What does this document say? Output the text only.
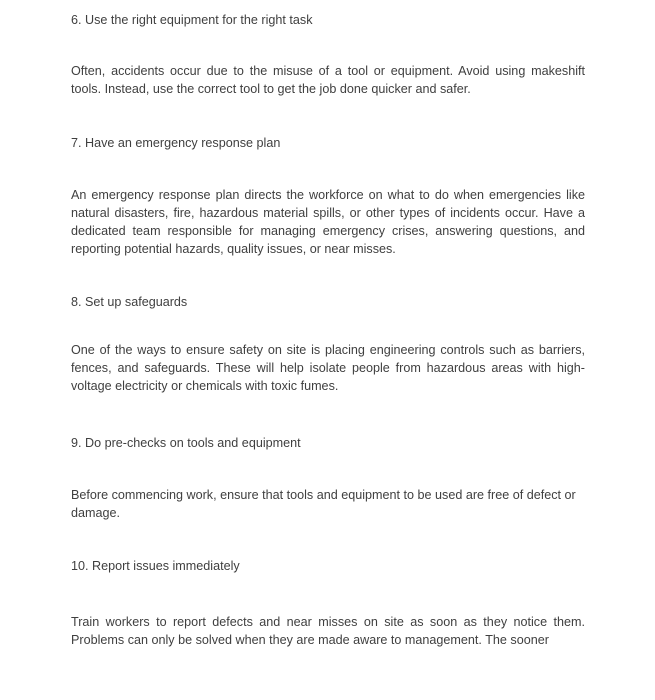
6. Use the right equipment for the right task
Often, accidents occur due to the misuse of a tool or equipment. Avoid using makeshift tools. Instead, use the correct tool to get the job done quicker and safer.
7. Have an emergency response plan
An emergency response plan directs the workforce on what to do when emergencies like natural disasters, fire, hazardous material spills, or other types of incidents occur. Have a dedicated team responsible for managing emergency crises, answering questions, and reporting potential hazards, quality issues, or near misses.
8. Set up safeguards
One of the ways to ensure safety on site is placing engineering controls such as barriers, fences, and safeguards. These will help isolate people from hazardous areas with high-voltage electricity or chemicals with toxic fumes.
9. Do pre-checks on tools and equipment
Before commencing work, ensure that tools and equipment to be used are free of defect or damage.
10. Report issues immediately
Train workers to report defects and near misses on site as soon as they notice them. Problems can only be solved when they are made aware to management. The sooner
